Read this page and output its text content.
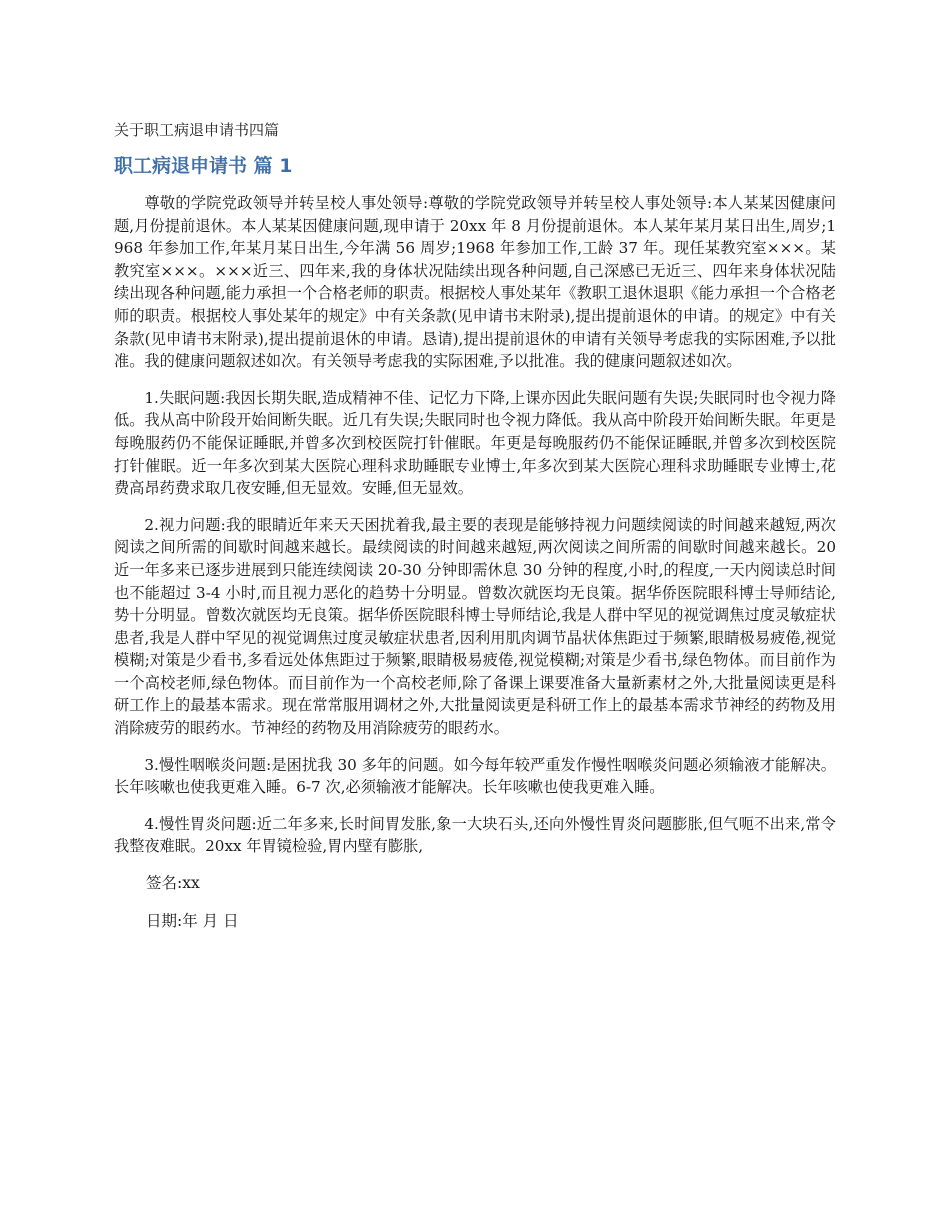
关于职工病退申请书四篇
职工病退申请书 篇 1

尊敬的学院党政领导并转呈校人事处领导:尊敬的学院党政领导并转呈校人事处领导:本人某某因健康问题,月份提前退休。本人某某因健康问题,现申请于 20xx 年 8 月份提前退休。本人某年某月某日出生,周岁;1968 年参加工作,年某月某日出生,今年满 56 周岁;1968 年参加工作,工龄 37 年。现任某教究室×××。某教究室×××。×××近三、四年来,我的身体状况陆续出现各种问题,自己深感已无近三、四年来身体状况陆续出现各种问题,能力承担一个合格老师的职责。根据校人事处某年《教职工退休退职《能力承担一个合格老师的职责。根据校人事处某年的规定》中有关条款(见申请书末附录),提出提前退休的申请。的规定》中有关条款(见申请书末附录),提出提前退休的申请。恳请),提出提前退休的申请有关领导考虑我的实际困难,予以批准。我的健康问题叙述如次。有关领导考虑我的实际困难,予以批准。我的健康问题叙述如次。

1.失眠问题:我因长期失眠,造成精神不佳、记忆力下降,上课亦因此失眠问题有失误;失眠同时也令视力降低。我从高中阶段开始间断失眠。近几有失误;失眠同时也令视力降低。我从高中阶段开始间断失眠。年更是每晚服药仍不能保证睡眠,并曾多次到校医院打针催眠。年更是每晚服药仍不能保证睡眠,并曾多次到校医院打针催眠。近一年多次到某大医院心理科求助睡眠专业博士,年多次到某大医院心理科求助睡眠专业博士,花费高昂药费求取几夜安睡,但无显效。安睡,但无显效。

2.视力问题:我的眼睛近年来天天困扰着我,最主要的表现是能够持视力问题续阅读的时间越来越短,两次阅读之间所需的间歇时间越来越长。最续阅读的时间越来越短,两次阅读之间所需的间歇时间越来越长。20 近一年多来已逐步进展到只能连续阅读 20-30 分钟即需休息 30 分钟的程度,小时,的程度,一天内阅读总时间也不能超过 3-4 小时,而且视力恶化的趋势十分明显。曾数次就医均无良策。据华侨医院眼科博士导师结论,势十分明显。曾数次就医均无良策。据华侨医院眼科博士导师结论,我是人群中罕见的视觉调焦过度灵敏症状患者,我是人群中罕见的视觉调焦过度灵敏症状患者,因利用肌肉调节晶状体焦距过于频繁,眼睛极易疲倦,视觉模糊;对策是少看书,多看远处体焦距过于频繁,眼睛极易疲倦,视觉模糊;对策是少看书,绿色物体。而目前作为一个高校老师,绿色物体。而目前作为一个高校老师,除了备课上课要准备大量新素材之外,大批量阅读更是科研工作上的最基本需求。现在常常服用调材之外,大批量阅读更是科研工作上的最基本需求节神经的药物及用消除疲劳的眼药水。节神经的药物及用消除疲劳的眼药水。

3.慢性咽喉炎问题:是困扰我 30 多年的问题。如今每年较严重发作慢性咽喉炎问题必须输液才能解决。长年咳嗽也使我更难入睡。6-7 次,必须输液才能解决。长年咳嗽也使我更难入睡。

4.慢性胃炎问题:近二年多来,长时间胃发胀,象一大块石头,还向外慢性胃炎问题膨胀,但气呃不出来,常令我整夜难眠。20xx 年胃镜检验,胃内壁有膨胀,

签名:xx
日期:年 月 日
